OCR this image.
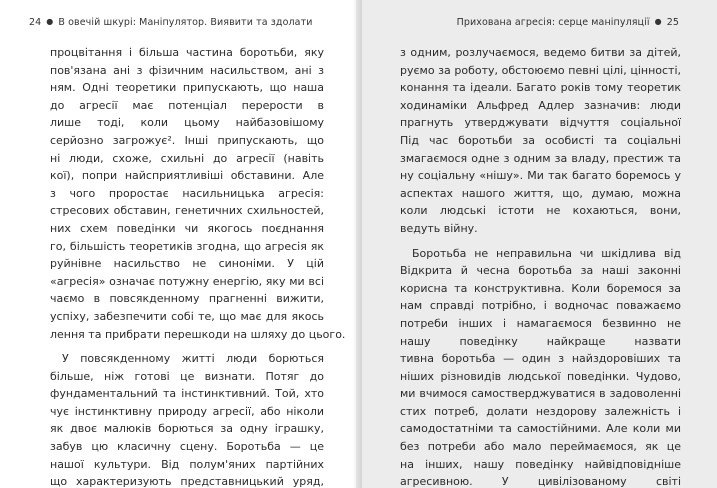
24 ● В овечій шкурі: Маніпулятор. Виявити та здолати
процвітання і більша частина боротьби, яку
пов'язана ані з фізичним насильством, ані з
ням. Одні теоретики припускають, що наша
до агресії має потенціал перерости в
лише тоді, коли цьому найбазовішому
серйозно загрожує². Інші припускають, що
ні люди, схоже, схильні до агресії (навіть
кої), попри найсприятливіші обставини. Але
з чого проростає насильницька агресія:
стресових обставин, генетичних схильностей,
них схем поведінки чи якогось поєднання
го, більшість теоретиків згодна, що агресія як
руйнівне насильство не синоніми. У цій
«агресія» означає потужну енергію, яку ми всі
чаємо в повсякденному прагненні вижити,
успіху, забезпечити собі те, що має для якось
лення та прибрати перешкоди на шляху до цього.
У повсякденному житті люди борються
більше, ніж готові це визнати. Потяг до
фундаментальний та інстинктивний. Той, хто
чує інстинктивну природу агресії, або ніколи
як двоє малюків борються за одну іграшку,
забув цю класичну сцену. Боротьба — це
нашої культури. Від полум'яних партійних
що характеризують представницький уряд,
Прихована агресія: серце маніпуляції ● 25
з одним, розлучаємося, ведемо битви за дітей,
руємо за роботу, обстоюємо певні цілі, цінності,
конання та ідеали. Багато років тому теоретик
ходинаміки Альфред Адлер зазначив: люди
прагнуть утверджувати відчуття соціальної
Під час боротьби за особисті та соціальні
змагаємося одне з одним за владу, престиж та
ну соціальну «нішу». Ми так багато боремось у
аспектах нашого життя, що, думаю, можна
коли людські істоти не кохаються, вони,
ведуть війну.
Боротьба не неправильна чи шкідлива від
Відкрита й чесна боротьба за наші законні
корисна та конструктивна. Коли боремося за
нам справді потрібно, і водночас поважаємо
потреби інших і намагаємося безвинно не
нашу поведінку найкраще назвати
тивна боротьба — один з найздоровіших та
ніших різновидів людської поведінки. Чудово,
ми вчимося самостверджуватися в задоволенні
стих потреб, долати нездорову залежність і
самодостатніми та самостійними. Але коли ми
без потреби або мало переймаємося, як це
на інших, нашу поведінку найвідповідніше
агресивною. У цивілізованому світі
